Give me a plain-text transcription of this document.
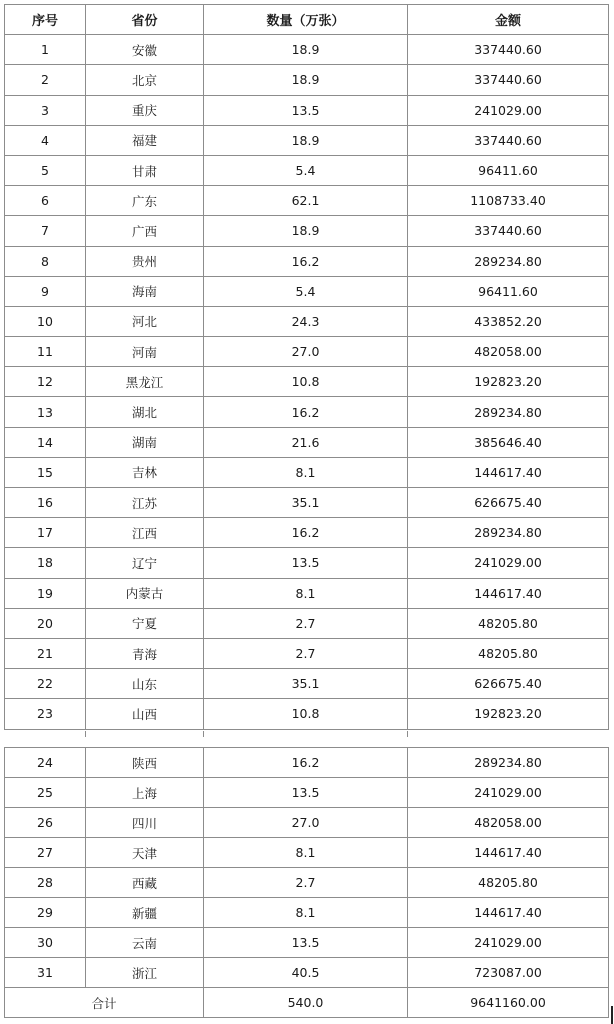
序号	省份	数量（万张）	金额
1	安徽	18.9	337440.60
2	北京	18.9	337440.60
3	重庆	13.5	241029.00
4	福建	18.9	337440.60
5	甘肃	5.4	96411.60
6	广东	62.1	1108733.40
7	广西	18.9	337440.60
8	贵州	16.2	289234.80
9	海南	5.4	96411.60
10	河北	24.3	433852.20
11	河南	27.0	482058.00
12	黑龙江	10.8	192823.20
13	湖北	16.2	289234.80
14	湖南	21.6	385646.40
15	吉林	8.1	144617.40
16	江苏	35.1	626675.40
17	江西	16.2	289234.80
18	辽宁	13.5	241029.00
19	内蒙古	8.1	144617.40
20	宁夏	2.7	48205.80
21	青海	2.7	48205.80
22	山东	35.1	626675.40
23	山西	10.8	192823.20
24	陕西	16.2	289234.80
25	上海	13.5	241029.00
26	四川	27.0	482058.00
27	天津	8.1	144617.40
28	西藏	2.7	48205.80
29	新疆	8.1	144617.40
30	云南	13.5	241029.00
31	浙江	40.5	723087.00
合计		540.0	9641160.00
